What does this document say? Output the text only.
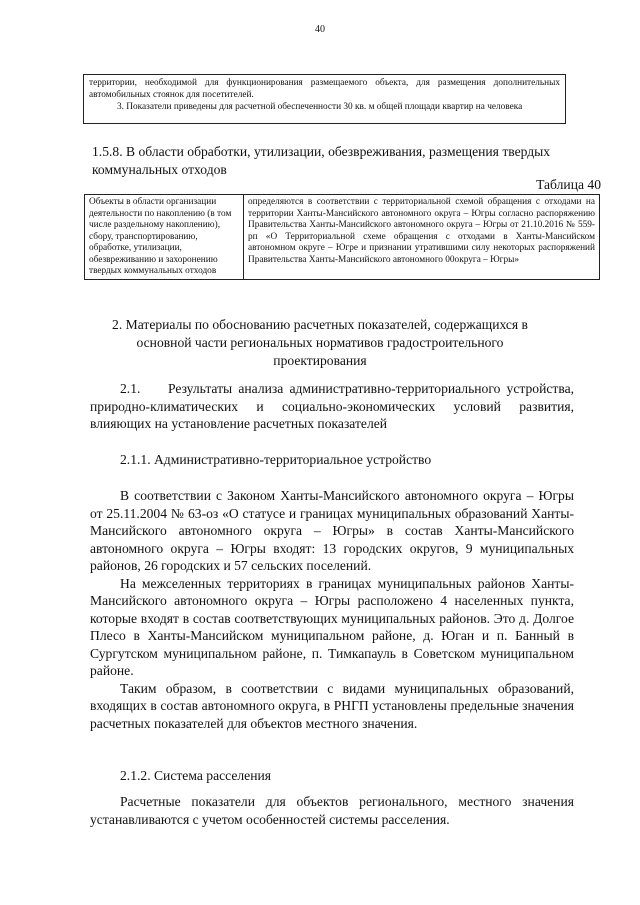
40

территории, необходимой для функционирования размещаемого объекта, для размещения дополнительных автомобильных стоянок для посетителей.

3. Показатели приведены для расчетной обеспеченности 30 кв. м общей площади квартир на человека

1.5.8. В области обработки, утилизации, обезвреживания, размещения твердых коммунальных отходов
Таблица 40
Объекты в области организации деятельности по накоплению (в том числе раздельному накоплению), сбору, транспортированию, обработке, утилизации, обезвреживанию и захоронению твердых коммунальных отходов	определяются в соответствии с территориальной схемой обращения с отходами на территории Ханты-Мансийского автономного округа – Югры согласно распоряжению Правительства Ханты-Мансийского автономного округа – Югры от 21.10.2016 № 559-рп «О Территориальной схеме обращения с отходами в Ханты-Мансийском автономном округе – Югре и признании утратившими силу некоторых распоряжений Правительства Ханты-Мансийского автономного 00округа – Югры»
2. Материалы по обоснованию расчетных показателей, содержащихся в основной части региональных нормативов градостроительного проектирования
2.1. Результаты анализа административно-территориального устройства, природно-климатических и социально-экономических условий развития, влияющих на установление расчетных показателей
2.1.1. Административно-территориальное устройство

В соответствии с Законом Ханты-Мансийского автономного округа – Югры от 25.11.2004 № 63-оз «О статусе и границах муниципальных образований Ханты-Мансийского автономного округа – Югры» в состав Ханты-Мансийского автономного округа – Югры входят: 13 городских округов, 9 муниципальных районов, 26 городских и 57 сельских поселений.

На межселенных территориях в границах муниципальных районов Ханты-Мансийского автономного округа – Югры расположено 4 населенных пункта, которые входят в состав соответствующих муниципальных районов. Это д. Долгое Плесо в Ханты-Мансийском муниципальном районе, д. Юган и п. Банный в Сургутском муниципальном районе, п. Тимкапауль в Советском муниципальном районе.

Таким образом, в соответствии с видами муниципальных образований, входящих в состав автономного округа, в РНГП установлены предельные значения расчетных показателей для объектов местного значения.

2.1.2. Система расселения

Расчетные показатели для объектов регионального, местного значения устанавливаются с учетом особенностей системы расселения.
